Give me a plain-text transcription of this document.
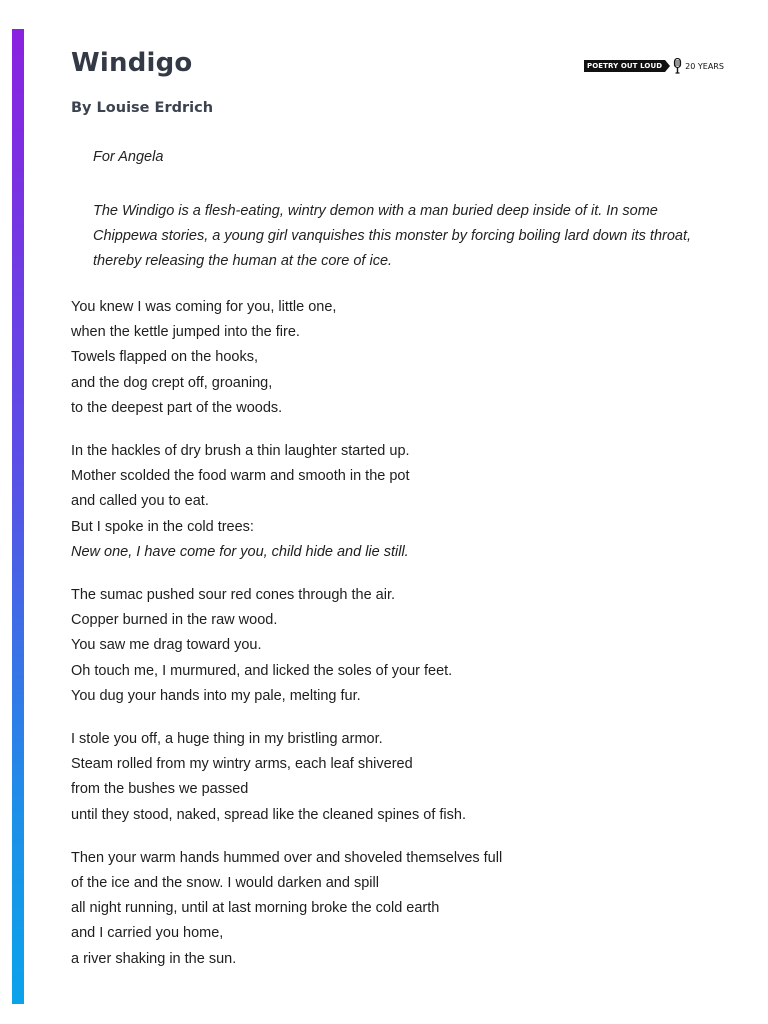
POETRY OUT LOUD	20 YEARS
Windigo
By Louise Erdrich
For Angela
The Windigo is a flesh-eating, wintry demon with a man buried deep inside of it. In some Chippewa stories, a young girl vanquishes this monster by forcing boiling lard down its throat, thereby releasing the human at the core of ice.
You knew I was coming for you, little one,
when the kettle jumped into the fire.
Towels flapped on the hooks,
and the dog crept off, groaning,
to the deepest part of the woods.
In the hackles of dry brush a thin laughter started up.
Mother scolded the food warm and smooth in the pot
and called you to eat.
But I spoke in the cold trees:
New one, I have come for you, child hide and lie still.
The sumac pushed sour red cones through the air.
Copper burned in the raw wood.
You saw me drag toward you.
Oh touch me, I murmured, and licked the soles of your feet.
You dug your hands into my pale, melting fur.
I stole you off, a huge thing in my bristling armor.
Steam rolled from my wintry arms, each leaf shivered
from the bushes we passed
until they stood, naked, spread like the cleaned spines of fish.
Then your warm hands hummed over and shoveled themselves full
of the ice and the snow. I would darken and spill
all night running, until at last morning broke the cold earth
and I carried you home,
a river shaking in the sun.
